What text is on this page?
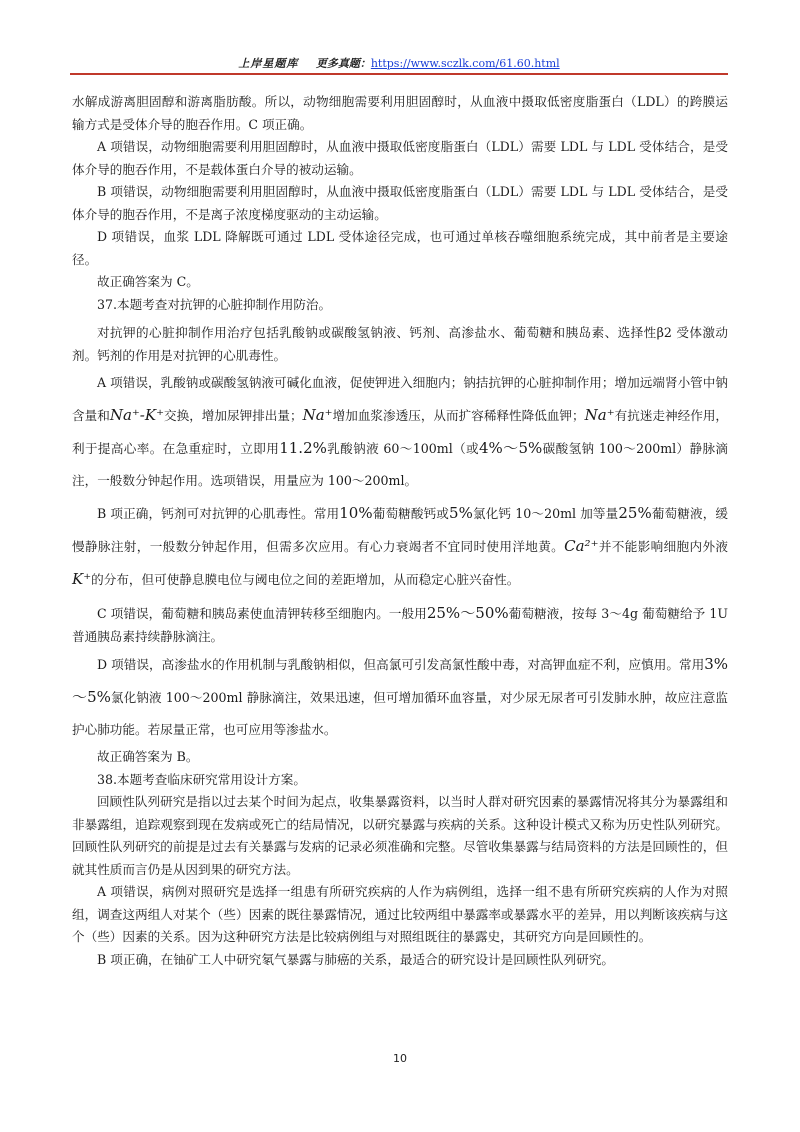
上岸星题库 更多真题：https://www.sczlk.com/61.60.html

水解成游离胆固醇和游离脂肪酸。所以，动物细胞需要利用胆固醇时，从血液中摄取低密度脂蛋白（LDL）的跨膜运输方式是受体介导的胞吞作用。C 项正确。

A 项错误，动物细胞需要利用胆固醇时，从血液中摄取低密度脂蛋白（LDL）需要 LDL 与 LDL 受体结合，是受体介导的胞吞作用，不是载体蛋白介导的被动运输。

B 项错误，动物细胞需要利用胆固醇时，从血液中摄取低密度脂蛋白（LDL）需要 LDL 与 LDL 受体结合，是受体介导的胞吞作用，不是离子浓度梯度驱动的主动运输。

D 项错误，血浆 LDL 降解既可通过 LDL 受体途径完成，也可通过单核吞噬细胞系统完成，其中前者是主要途径。

故正确答案为 C。

37.本题考查对抗钾的心脏抑制作用防治。

对抗钾的心脏抑制作用治疗包括乳酸钠或碳酸氢钠液、钙剂、高渗盐水、葡萄糖和胰岛素、选择性β2 受体激动剂。钙剂的作用是对抗钾的心肌毒性。

A 项错误，乳酸钠或碳酸氢钠液可碱化血液，促使钾进入细胞内；钠拮抗钾的心脏抑制作用；增加远端肾小管中钠含量和Na⁺-K⁺交换，增加尿钾排出量；Na⁺增加血浆渗透压，从而扩容稀释性降低血钾；Na⁺有抗迷走神经作用，利于提高心率。在急重症时，立即用11.2%乳酸钠液 60～100ml（或4%～5%碳酸氢钠 100～200ml）静脉滴注，一般数分钟起作用。选项错误，用量应为 100～200ml。

B 项正确，钙剂可对抗钾的心肌毒性。常用10%葡萄糖酸钙或5%氯化钙 10～20ml 加等量25%葡萄糖液，缓慢静脉注射，一般数分钟起作用，但需多次应用。有心力衰竭者不宜同时使用洋地黄。Ca²⁺并不能影响细胞内外液K⁺的分布，但可使静息膜电位与阈电位之间的差距增加，从而稳定心脏兴奋性。

C 项错误，葡萄糖和胰岛素使血清钾转移至细胞内。一般用25%～50%葡萄糖液，按每 3～4g 葡萄糖给予 1U 普通胰岛素持续静脉滴注。

D 项错误，高渗盐水的作用机制与乳酸钠相似，但高氯可引发高氯性酸中毒，对高钾血症不利，应慎用。常用3%～5%氯化钠液 100～200ml 静脉滴注，效果迅速，但可增加循环血容量，对少尿无尿者可引发肺水肿，故应注意监护心肺功能。若尿量正常，也可应用等渗盐水。

故正确答案为 B。

38.本题考查临床研究常用设计方案。

回顾性队列研究是指以过去某个时间为起点，收集暴露资料，以当时人群对研究因素的暴露情况将其分为暴露组和非暴露组，追踪观察到现在发病或死亡的结局情况，以研究暴露与疾病的关系。这种设计模式又称为历史性队列研究。回顾性队列研究的前提是过去有关暴露与发病的记录必须准确和完整。尽管收集暴露与结局资料的方法是回顾性的，但就其性质而言仍是从因到果的研究方法。

A 项错误，病例对照研究是选择一组患有所研究疾病的人作为病例组，选择一组不患有所研究疾病的人作为对照组，调查这两组人对某个（些）因素的既往暴露情况，通过比较两组中暴露率或暴露水平的差异，用以判断该疾病与这个（些）因素的关系。因为这种研究方法是比较病例组与对照组既往的暴露史，其研究方向是回顾性的。

B 项正确，在铀矿工人中研究氡气暴露与肺癌的关系，最适合的研究设计是回顾性队列研究。

10
